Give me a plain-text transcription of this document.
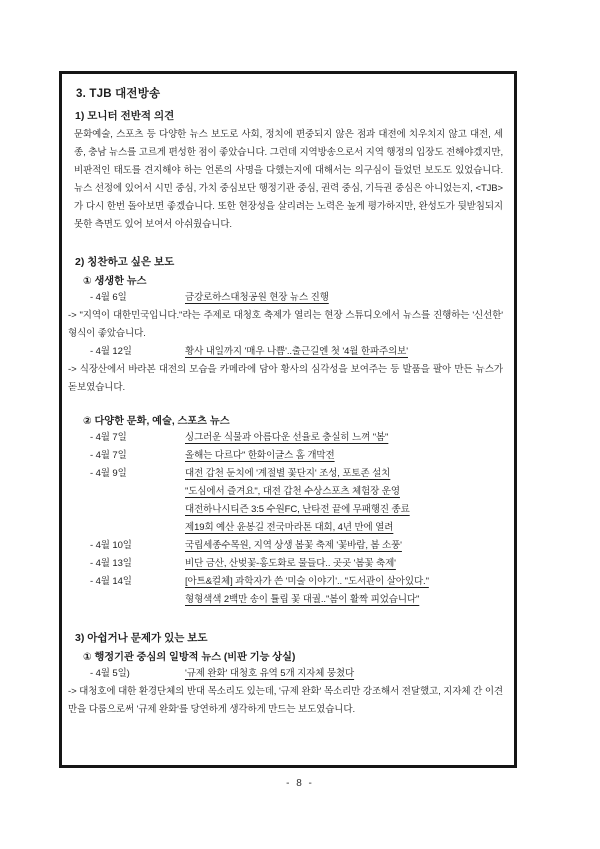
3. TJB 대전방송
1) 모니터 전반적 의견
문화예술, 스포츠 등 다양한 뉴스 보도로 사회, 정치에 편중되지 않은 점과 대전에 치우치지 않고 대전, 세종, 충남 뉴스를 고르게 편성한 점이 좋았습니다. 그런데 지역방송으로서 지역 행정의 입장도 전해야겠지만, 비판적인 태도를 견지해야 하는 언론의 사명을 다했는지에 대해서는 의구심이 들었던 보도도 있었습니다. 뉴스 선정에 있어서 시민 중심, 가치 중심보단 행정기관 중심, 권력 중심, 기득권 중심은 아니었는지, <TJB>가 다시 한번 돌아보면 좋겠습니다. 또한 현장성을 살리려는 노력은 높게 평가하지만, 완성도가 뒷받침되지 못한 측면도 있어 보여서 아쉬웠습니다.
2) 칭찬하고 싶은 보도
① 생생한 뉴스
- 4월 6일	금강로하스대청공원 현장 뉴스 진행
-> "지역이 대한민국입니다."라는 주제로 대청호 축제가 열리는 현장 스튜디오에서 뉴스를 진행하는 '신선한' 형식이 좋았습니다.
- 4월 12일	황사 내일까지 '매우 나쁨'..출근길엔 첫 '4월 한파주의보'
-> 식장산에서 바라본 대전의 모습을 카메라에 담아 황사의 심각성을 보여주는 등 발품을 팔아 만든 뉴스가 돋보였습니다.
② 다양한 문화, 예술, 스포츠 뉴스
- 4월 7일	싱그러운 식물과 아름다운 선율로 충실히 느껴 "봄"
- 4월 7일	올해는 다르다" 한화이글스 홈 개막전
- 4월 9일	대전 갑천 둔치에 '계절별 꽃단지' 조성, 포토존 설치
"도심에서 즐겨요", 대전 갑천 수상스포츠 체험장 운영
대전하나시티즌 3:5 수원FC, 난타전 끝에 무패행진 종료
제19회 예산 윤봉길 전국마라톤 대회, 4년 만에 열려
- 4월 10일	국립세종수목원, 지역 상생 봄꽃 축제 '꽃바람, 봄 소풍'
- 4월 13일	비단 금산, 산벚꽃-홍도화로 물들다.. 곳곳 '봄꽃 축제'
- 4월 14일	[아트&컬체] 과학자가 쓴 '미술 이야기'.. "도서관이 살아있다."
형형색색 2백만 송이 튤립 꽃 대궐.."봄이 활짝 피었습니다"
3) 아쉽거나 문제가 있는 보도
① 행정기관 중심의 일방적 뉴스 (비판 기능 상실)
- 4월 5일)	'규제 완화' 대청호 유역 5개 지자체 뭉쳤다
-> 대청호에 대한 환경단체의 반대 목소리도 있는데, '규제 완화' 목소리만 강조해서 전달했고, 지자체 간 이견만을 다룸으로써 '규제 완화'를 당연하게 생각하게 만드는 보도였습니다.
- 8 -
